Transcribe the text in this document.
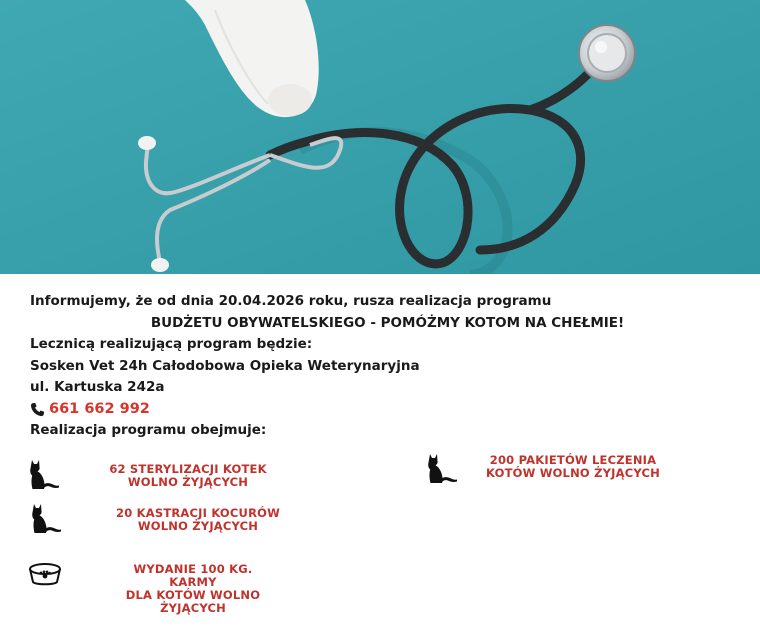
Informujemy, że od dnia 20.04.2026 roku, rusza realizacja programu
BUDŻETU OBYWATELSKIEGO - POMÓŻMY KOTOM NA CHEŁMIE!
Lecznicą realizującą program będzie:
Sosken Vet 24h Całodobowa Opieka Weterynaryjna
ul. Kartuska 242a
661 662 992
Realizacja programu obejmuje:
62 STERYLIZACJI KOTEK
WOLNO ŻYJĄCYCH
20 KASTRACJI KOCURÓW
WOLNO ŻYJĄCYCH
WYDANIE 100 KG. KARMY
DLA KOTÓW WOLNO
ŻYJĄCYCH
200 PAKIETÓW LECZENIA
KOTÓW WOLNO ŻYJĄCYCH
